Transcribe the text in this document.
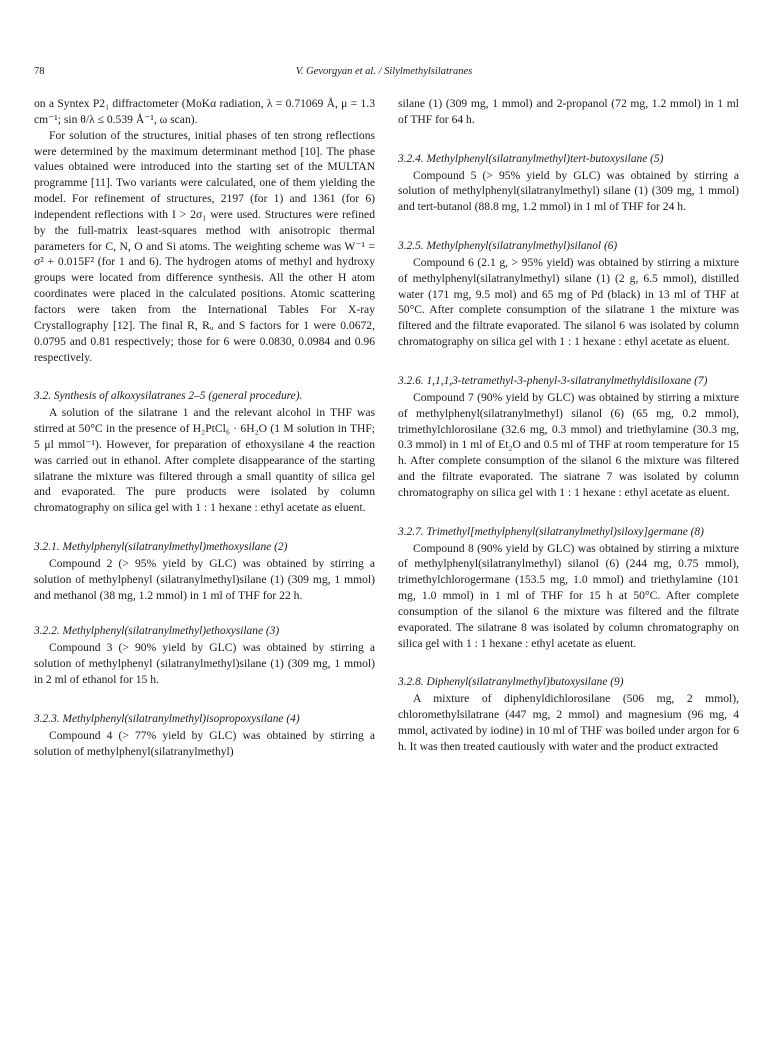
78	V. Gevorgyan et al. / Silylmethylsilatranes

on a Syntex P2₁ diffractometer (MoKα radiation, λ = 0.71069 Å, μ = 1.3 cm⁻¹; sin θ/λ ≤ 0.539 Å⁻¹, ω scan).

For solution of the structures, initial phases of ten strong reflections were determined by the maximum determinant method [10]. The phase values obtained were introduced into the starting set of the MULTAN programme [11]. Two variants were calculated, one of them yielding the model. For refinement of structures, 2197 (for 1) and 1361 (for 6) independent reflections with I > 2σ₁ were used. Structures were refined by the full-matrix least-squares method with anisotropic thermal parameters for C, N, O and Si atoms. The weighting scheme was W⁻¹ = σ² + 0.015F² (for 1 and 6). The hydrogen atoms of methyl and hydroxy groups were located from difference synthesis. All the other H atom coordinates were placed in the calculated positions. Atomic scattering factors were taken from the International Tables For X-ray Crystallography [12]. The final R, Rᵤ and S factors for 1 were 0.0672, 0.0795 and 0.81 respectively; those for 6 were 0.0830, 0.0984 and 0.96 respectively.

3.2. Synthesis of alkoxysilatranes 2–5 (general procedure).

A solution of the silatrane 1 and the relevant alcohol in THF was stirred at 50°C in the presence of H₂PtCl₆ · 6H₂O (1 M solution in THF; 5 μl mmol⁻¹). However, for preparation of ethoxysilane 4 the reaction was carried out in ethanol. After complete disappearance of the starting silatrane the mixture was filtered through a small quantity of silica gel and evaporated. The pure products were isolated by column chromatography on silica gel with 1 : 1 hexane : ethyl acetate as eluent.

3.2.1. Methylphenyl(silatranylmethyl)methoxysilane (2)

Compound 2 (> 95% yield by GLC) was obtained by stirring a solution of methylphenyl (silatranylmethyl)silane (1) (309 mg, 1 mmol) and methanol (38 mg, 1.2 mmol) in 1 ml of THF for 22 h.

3.2.2. Methylphenyl(silatranylmethyl)ethoxysilane (3)

Compound 3 (> 90% yield by GLC) was obtained by stirring a solution of methylphenyl (silatranylmethyl)silane (1) (309 mg, 1 mmol) in 2 ml of ethanol for 15 h.

3.2.3. Methylphenyl(silatranylmethyl)isopropoxysilane (4)

Compound 4 (> 77% yield by GLC) was obtained by stirring a solution of methylphenyl(silatranylmethyl)

silane (1) (309 mg, 1 mmol) and 2-propanol (72 mg, 1.2 mmol) in 1 ml of THF for 64 h.

3.2.4. Methylphenyl(silatranylmethyl)tert-butoxysilane (5)

Compound 5 (> 95% yield by GLC) was obtained by stirring a solution of methylphenyl(silatranylmethyl) silane (1) (309 mg, 1 mmol) and tert-butanol (88.8 mg, 1.2 mmol) in 1 ml of THF for 24 h.

3.2.5. Methylphenyl(silatranylmethyl)silanol (6)

Compound 6 (2.1 g, > 95% yield) was obtained by stirring a mixture of methylphenyl(silatranylmethyl) silane (1) (2 g, 6.5 mmol), distilled water (171 mg, 9.5 mol) and 65 mg of Pd (black) in 13 ml of THF at 50°C. After complete consumption of the silatrane 1 the mixture was filtered and the filtrate evaporated. The silanol 6 was isolated by column chromatography on silica gel with 1 : 1 hexane : ethyl acetate as eluent.

3.2.6. 1,1,1,3-tetramethyl-3-phenyl-3-silatranylmethyldisiloxane (7)

Compound 7 (90% yield by GLC) was obtained by stirring a mixture of methylphenyl(silatranylmethyl) silanol (6) (65 mg, 0.2 mmol), trimethylchlorosilane (32.6 mg, 0.3 mmol) and triethylamine (30.3 mg, 0.3 mmol) in 1 ml of Et₂O and 0.5 ml of THF at room temperature for 15 h. After complete consumption of the silanol 6 the mixture was filtered and the filtrate evaporated. The siatrane 7 was isolated by column chromatography on silica gel with 1 : 1 hexane : ethyl acetate as eluent.

3.2.7. Trimethyl[methylphenyl(silatranylmethyl)siloxy]germane (8)

Compound 8 (90% yield by GLC) was obtained by stirring a mixture of methylphenyl(silatranylmethyl) silanol (6) (244 mg, 0.75 mmol), trimethylchlorogermane (153.5 mg, 1.0 mmol) and triethylamine (101 mg, 1.0 mmol) in 1 ml of THF for 15 h at 50°C. After complete consumption of the silanol 6 the mixture was filtered and the filtrate evaporated. The silatrane 8 was isolated by column chromatography on silica gel with 1 : 1 hexane : ethyl acetate as eluent.

3.2.8. Diphenyl(silatranylmethyl)butoxysilane (9)

A mixture of diphenyldichlorosilane (506 mg, 2 mmol), chloromethylsilatrane (447 mg, 2 mmol) and magnesium (96 mg, 4 mmol, activated by iodine) in 10 ml of THF was boiled under argon for 6 h. It was then treated cautiously with water and the product extracted
